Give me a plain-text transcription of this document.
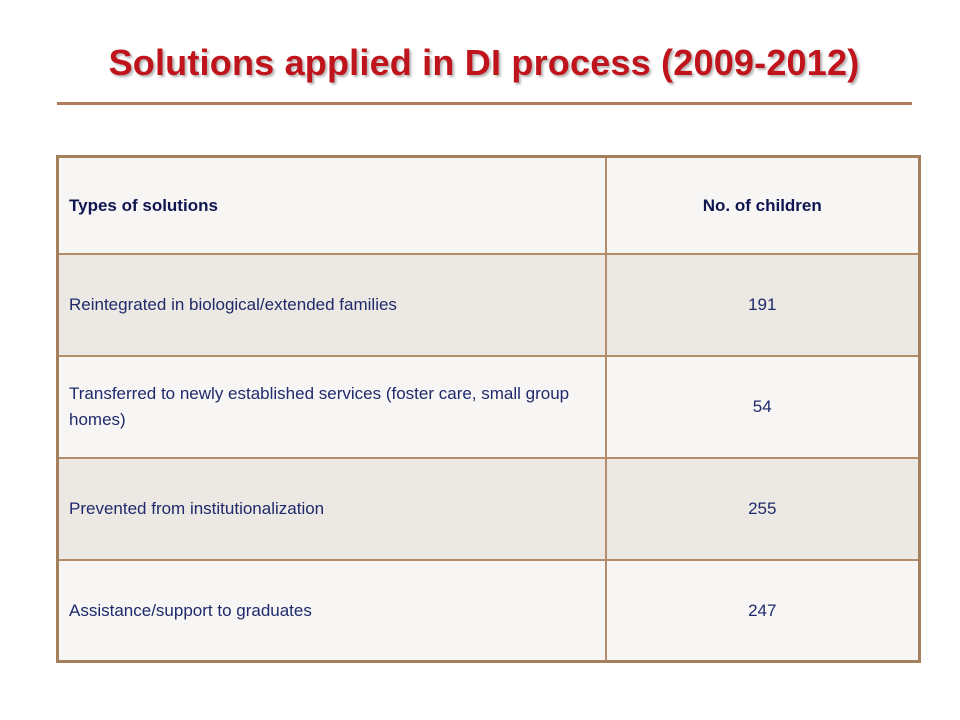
Solutions applied in DI process (2009-2012)
Types of solutions	No. of children
Reintegrated in biological/extended families	191
Transferred to newly established services (foster care, small group homes)	54
Prevented from institutionalization	255
Assistance/support to graduates	247
